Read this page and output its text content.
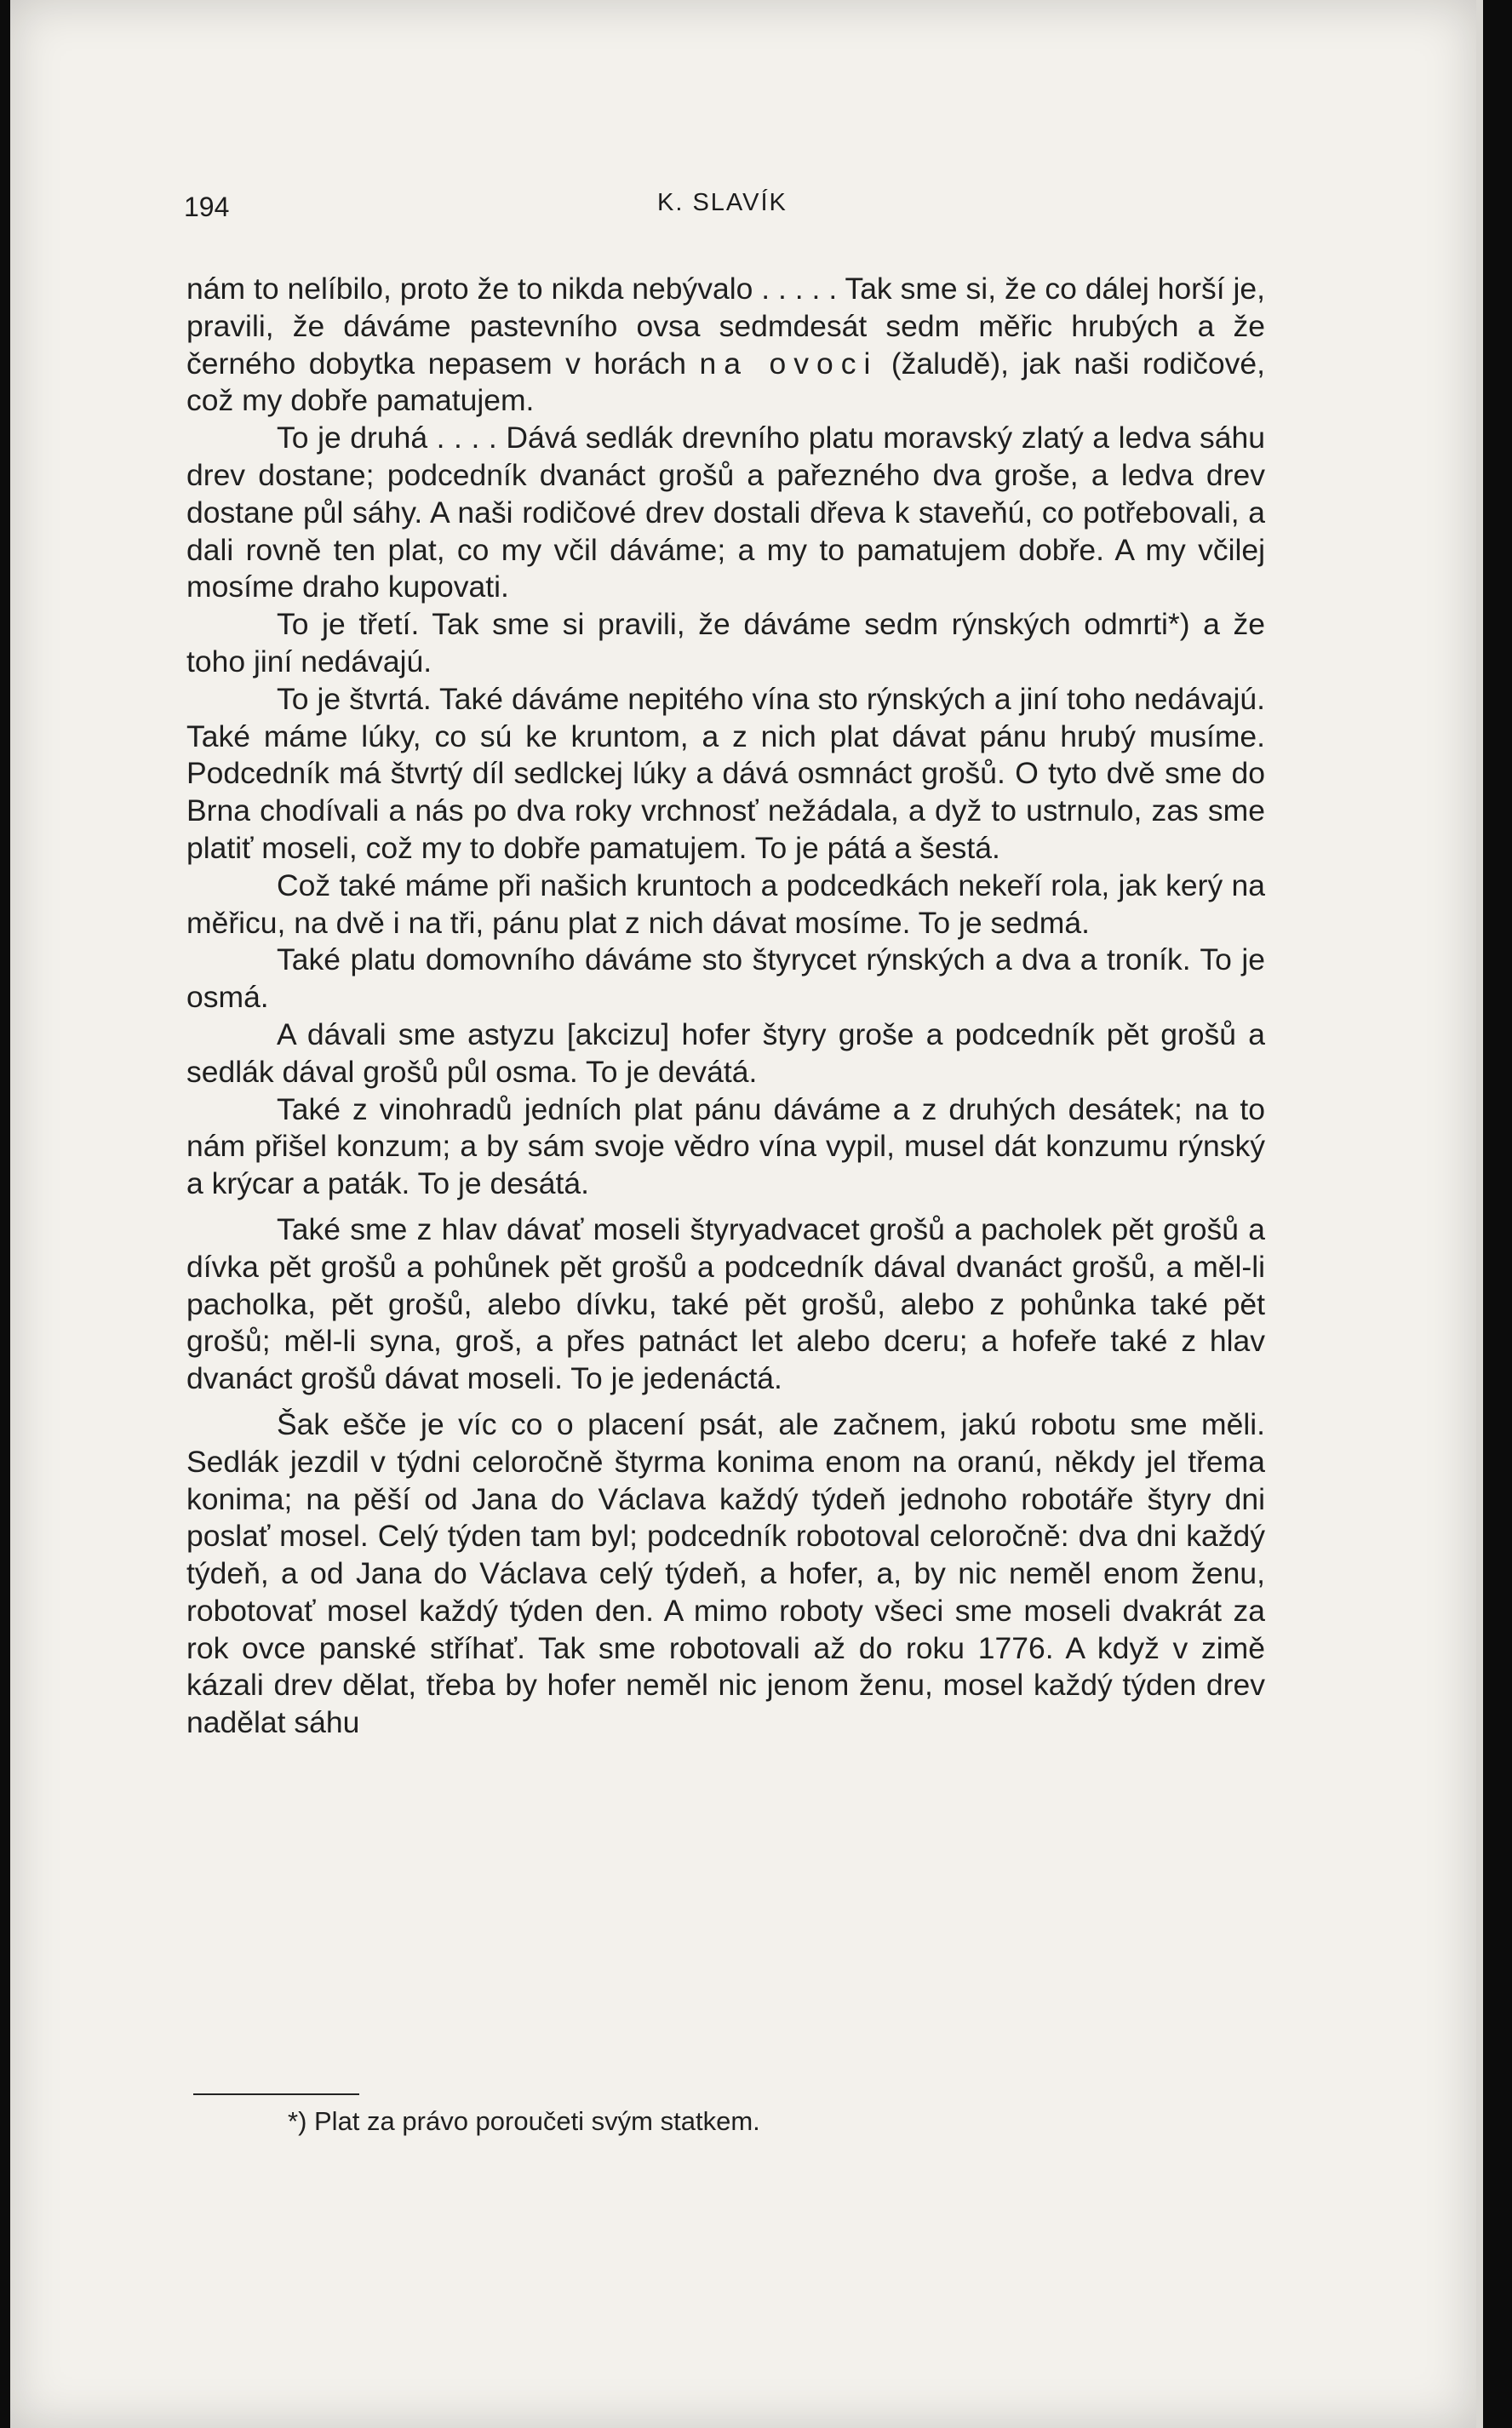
194	K. SLAVÍK

nám to nelíbilo, proto že to nikda nebývalo . . . . . Tak sme si, že co dálej horší je, pravili, že dáváme pastevního ovsa sedmdesát sedm měřic hrubých a že černého dobytka nepasem v horách na ovoci (žaludě), jak naši rodičové, což my dobře pamatujem.

To je druhá . . . . Dává sedlák drevního platu moravský zlatý a ledva sáhu drev dostane; podcedník dvanáct grošů a pařezného dva groše, a ledva drev dostane půl sáhy. A naši rodičové drev dostali dřeva k staveňú, co potřebovali, a dali rovně ten plat, co my včil dáváme; a my to pamatujem dobře. A my včilej mosíme draho kupovati.

To je třetí. Tak sme si pravili, že dáváme sedm rýnských odmrti*) a že toho jiní nedávajú.

To je štvrtá. Také dáváme nepitého vína sto rýnských a jiní toho nedávajú. Také máme lúky, co sú ke kruntom, a z nich plat dávat pánu hrubý musíme. Podcedník má štvrtý díl sedlckej lúky a dává osmnáct grošů. O tyto dvě sme do Brna chodívali a nás po dva roky vrchnosť nežádala, a dyž to ustrnulo, zas sme platiť moseli, což my to dobře pamatujem. To je pátá a šestá.

Což také máme při našich kruntoch a podcedkách nekeří rola, jak kerý na měřicu, na dvě i na tři, pánu plat z nich dávat mosíme. To je sedmá.

Také platu domovního dáváme sto štyrycet rýnských a dva a troník. To je osmá.

A dávali sme astyzu [akcizu] hofer štyry groše a podcedník pět grošů a sedlák dával grošů půl osma. To je devátá.

Také z vinohradů jedních plat pánu dáváme a z druhých desátek; na to nám přišel konzum; a by sám svoje vědro vína vypil, musel dát konzumu rýnský a krýcar a paták. To je desátá.

Také sme z hlav dávať moseli štyryadvacet grošů a pacholek pět grošů a dívka pět grošů a pohůnek pět grošů a podcedník dával dvanáct grošů, a měl-li pacholka, pět grošů, alebo dívku, také pět grošů, alebo z pohůnka také pět grošů; měl-li syna, groš, a přes patnáct let alebo dceru; a hofeře také z hlav dvanáct grošů dávat moseli. To je jedenáctá.

Šak ešče je víc co o placení psát, ale začnem, jakú robotu sme měli. Sedlák jezdil v týdni celoročně štyrma konima enom na oranú, někdy jel třema konima; na pěší od Jana do Václava každý týdeň jednoho robotáře štyry dni poslať mosel. Celý týden tam byl; podcedník robotoval celoročně: dva dni každý týdeň, a od Jana do Václava celý týdeň, a hofer, a, by nic neměl enom ženu, robotovať mosel každý týden den. A mimo roboty všeci sme moseli dvakrát za rok ovce panské stříhať. Tak sme robotovali až do roku 1776. A když v zimě kázali drev dělat, třeba by hofer neměl nic jenom ženu, mosel každý týden drev nadělat sáhu

*) Plat za právo poroučeti svým statkem.
